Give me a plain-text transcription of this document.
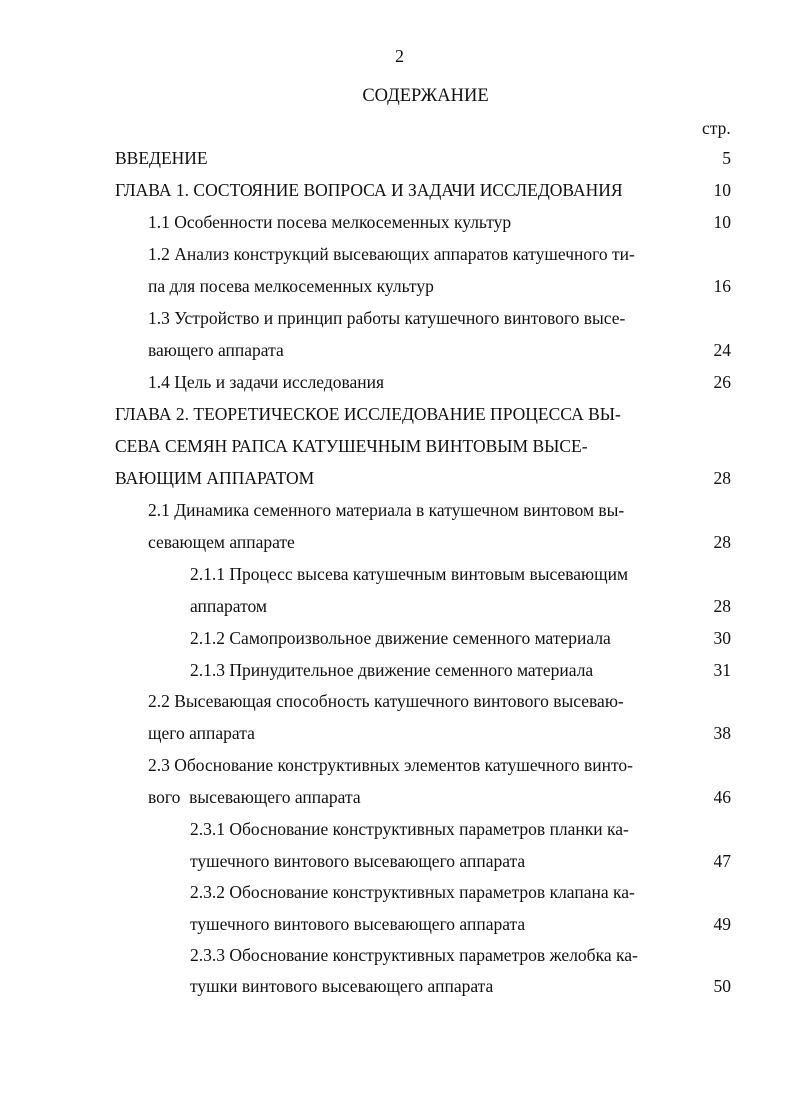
2
СОДЕРЖАНИЕ
стр.
ВВЕДЕНИЕ	5
ГЛАВА 1. СОСТОЯНИЕ ВОПРОСА И ЗАДАЧИ ИССЛЕДОВАНИЯ	10
1.1 Особенности посева мелкосеменных культур	10
1.2 Анализ конструкций высевающих аппаратов катушечного ти-
па для посева мелкосеменных культур	16
1.3 Устройство и принцип работы катушечного винтового высе-
вающего аппарата	24
1.4 Цель и задачи исследования	26
ГЛАВА 2. ТЕОРЕТИЧЕСКОЕ ИССЛЕДОВАНИЕ ПРОЦЕССА ВЫ-
СЕВА СЕМЯН РАПСА КАТУШЕЧНЫМ ВИНТОВЫМ ВЫСЕ-
ВАЮЩИМ АППАРАТОМ	28
2.1 Динамика семенного материала в катушечном винтовом вы-
севающем аппарате	28
2.1.1 Процесс высева катушечным винтовым высевающим
аппаратом	28
2.1.2 Самопроизвольное движение семенного материала	30
2.1.3 Принудительное движение семенного материала	31
2.2 Высевающая способность катушечного винтового высеваю-
щего аппарата	38
2.3 Обоснование конструктивных элементов катушечного винто-
вого  высевающего аппарата	46
2.3.1 Обоснование конструктивных параметров планки ка-
тушечного винтового высевающего аппарата	47
2.3.2 Обоснование конструктивных параметров клапана ка-
тушечного винтового высевающего аппарата	49
2.3.3 Обоснование конструктивных параметров желобка ка-
тушки винтового высевающего аппарата	50
